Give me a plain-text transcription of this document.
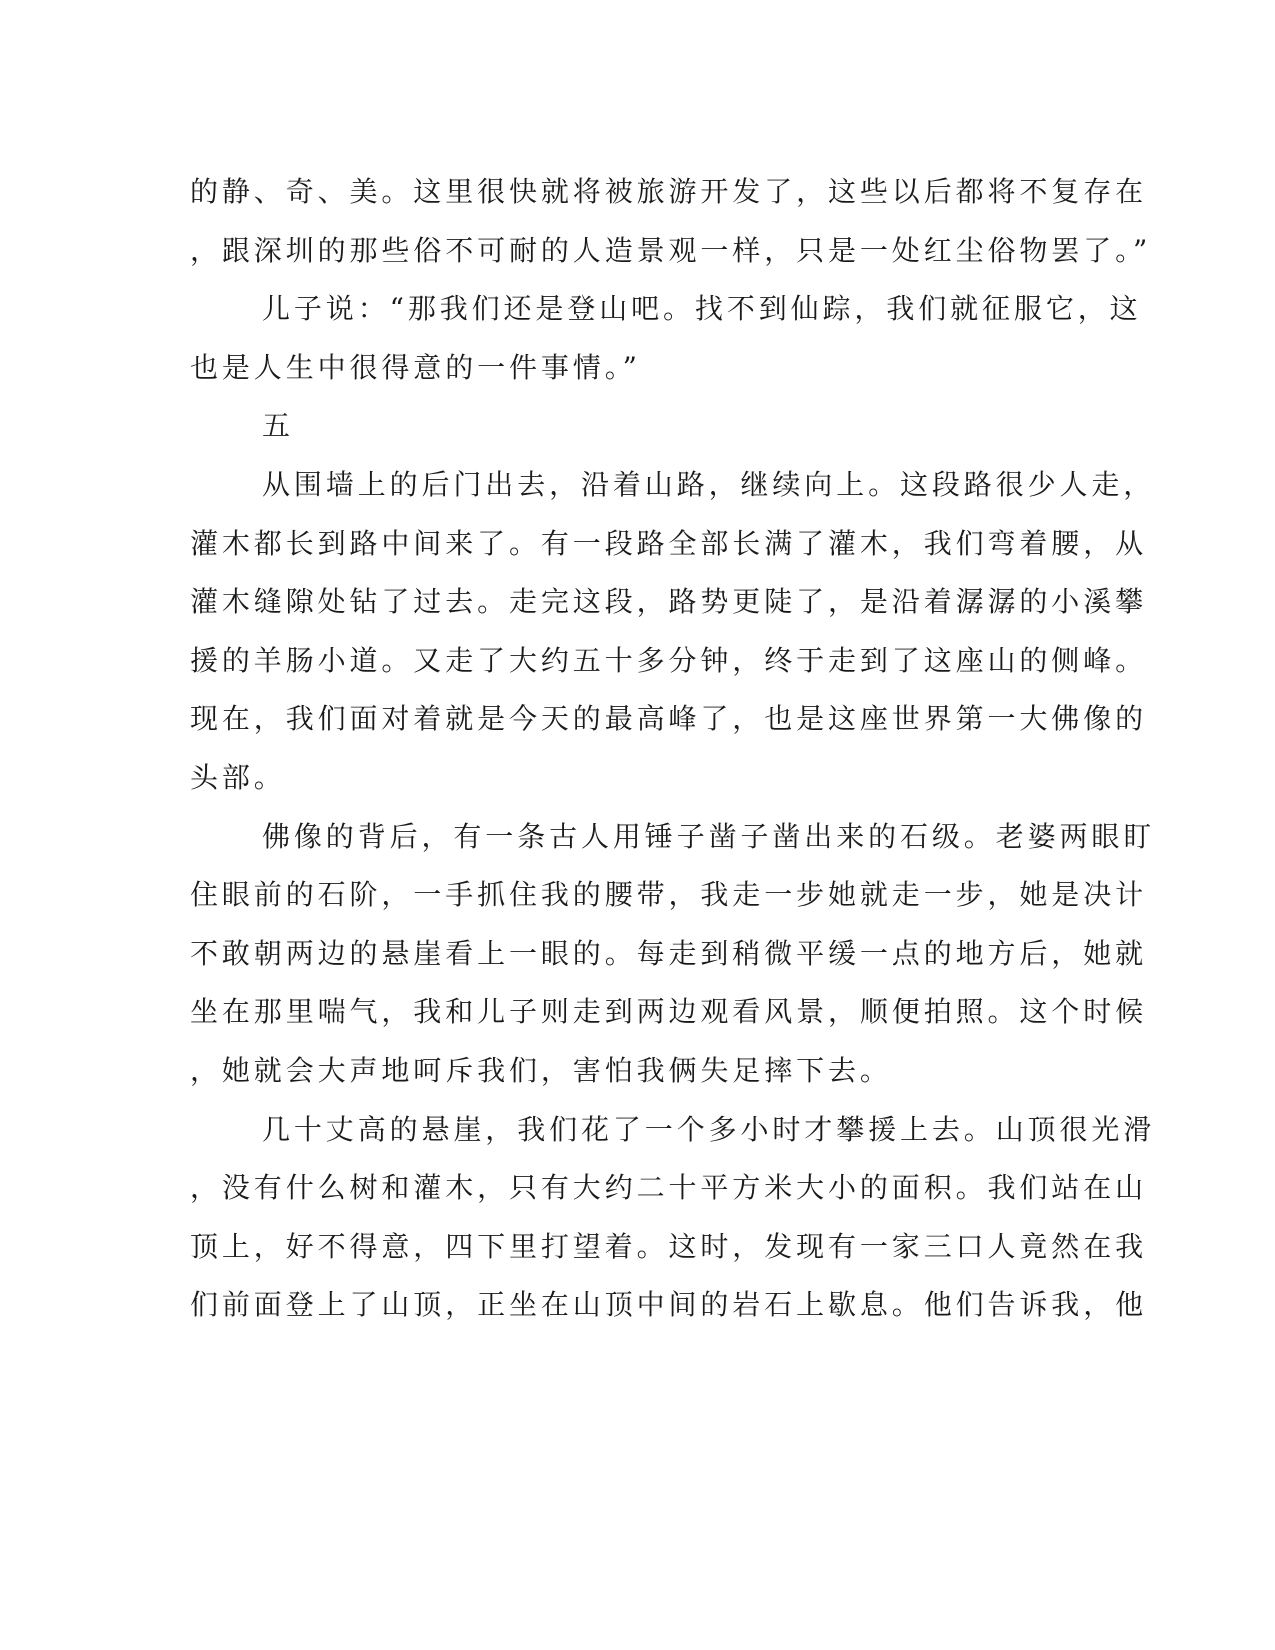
的静、奇、美。这里很快就将被旅游开发了，这些以后都将不复存在
，跟深圳的那些俗不可耐的人造景观一样，只是一处红尘俗物罢了。”
儿子说：“那我们还是登山吧。找不到仙踪，我们就征服它，这
也是人生中很得意的一件事情。”
五
从围墙上的后门出去，沿着山路，继续向上。这段路很少人走，
灌木都长到路中间来了。有一段路全部长满了灌木，我们弯着腰，从
灌木缝隙处钻了过去。走完这段，路势更陡了，是沿着潺潺的小溪攀
援的羊肠小道。又走了大约五十多分钟，终于走到了这座山的侧峰。
现在，我们面对着就是今天的最高峰了，也是这座世界第一大佛像的
头部。
佛像的背后，有一条古人用锤子凿子凿出来的石级。老婆两眼盯
住眼前的石阶，一手抓住我的腰带，我走一步她就走一步，她是决计
不敢朝两边的悬崖看上一眼的。每走到稍微平缓一点的地方后，她就
坐在那里喘气，我和儿子则走到两边观看风景，顺便拍照。这个时候
，她就会大声地呵斥我们，害怕我俩失足摔下去。
几十丈高的悬崖，我们花了一个多小时才攀援上去。山顶很光滑
，没有什么树和灌木，只有大约二十平方米大小的面积。我们站在山
顶上，好不得意，四下里打望着。这时，发现有一家三口人竟然在我
们前面登上了山顶，正坐在山顶中间的岩石上歇息。他们告诉我，他
